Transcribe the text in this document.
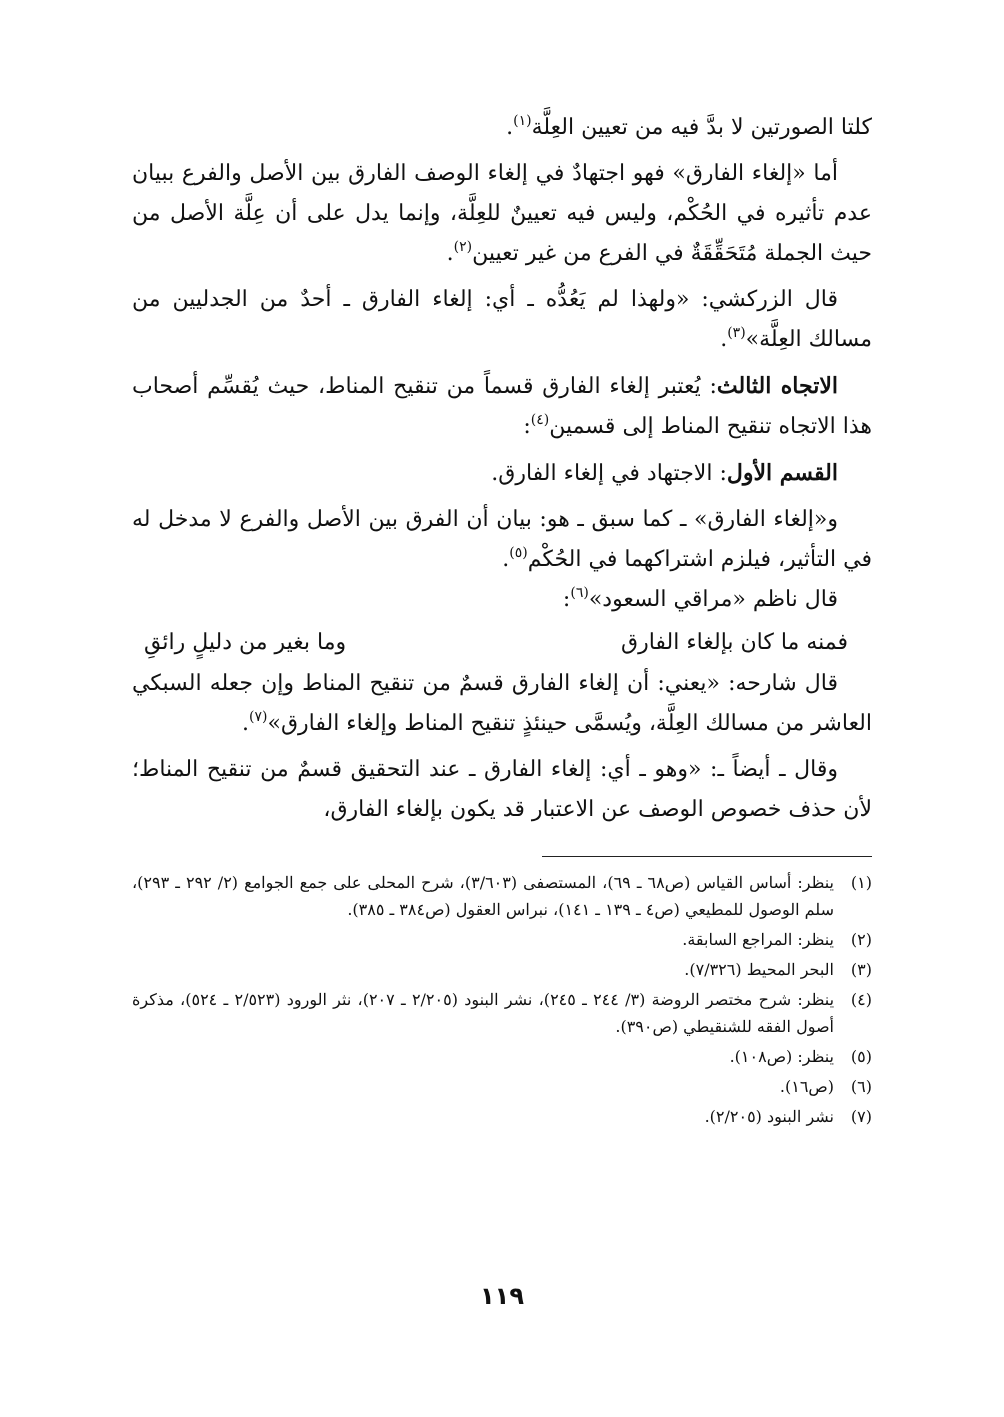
كلتا الصورتين لا بدَّ فيه من تعيين العِلَّة$^{(١)}$.

أما «إلغاء الفارق» فهو اجتهادٌ في إلغاء الوصف الفارق بين الأصل والفرع ببيان عدم تأثيره في الحُكْم، وليس فيه تعيينٌ للعِلَّة، وإنما يدل على أن عِلَّة الأصل من حيث الجملة مُتَحَقِّقَةٌ في الفرع من غير تعيين$^{(٢)}$.

قال الزركشي: «ولهذا لم يَعُدُّه ـ أي: إلغاء الفارق ـ أحدٌ من الجدليين من مسالك العِلَّة»$^{(٣)}$.

الاتجاه الثالث: يُعتبر إلغاء الفارق قسماً من تنقيح المناط، حيث يُقسِّم أصحاب هذا الاتجاه تنقيح المناط إلى قسمين$^{(٤)}$:

القسم الأول: الاجتهاد في إلغاء الفارق.

و«إلغاء الفارق» ـ كما سبق ـ هو: بيان أن الفرق بين الأصل والفرع لا مدخل له في التأثير، فيلزم اشتراكهما في الحُكْم$^{(٥)}$.

قال ناظم «مراقي السعود»$^{(٦)}$:

فمنه ما كان بإلغاء الفارق
وما بغير من دليلٍ رائقِ

قال شارحه: «يعني: أن إلغاء الفارق قسمٌ من تنقيح المناط وإن جعله السبكي العاشر من مسالك العِلَّة، ويُسمَّى حينئذٍ تنقيح المناط وإلغاء الفارق»$^{(٧)}$.

وقال ـ أيضاً ـ: «وهو ـ أي: إلغاء الفارق ـ عند التحقيق قسمٌ من تنقيح المناط؛ لأن حذف خصوص الوصف عن الاعتبار قد يكون بإلغاء الفارق،

(١)
ينظر: أساس القياس (ص٦٨ ـ ٦٩)، المستصفى (٣/٦٠٣)، شرح المحلى على جمع الجوامع (٢/ ٢٩٢ ـ ٢٩٣)، سلم الوصول للمطيعي (ص٤ ـ ١٣٩ ـ ١٤١)، نبراس العقول (ص٣٨٤ ـ ٣٨٥).
(٢)
ينظر: المراجع السابقة.
(٣)
البحر المحيط (٧/٣٢٦).
(٤)
ينظر: شرح مختصر الروضة (٣/ ٢٤٤ ـ ٢٤٥)، نشر البنود (٢/٢٠٥ ـ ٢٠٧)، نثر الورود (٢/٥٢٣ ـ ٥٢٤)، مذكرة أصول الفقه للشنقيطي (ص٣٩٠).
(٥)
ينظر: (ص١٠٨).
(٦)
(ص١٦).
(٧)
نشر البنود (٢/٢٠٥).
١١٩
